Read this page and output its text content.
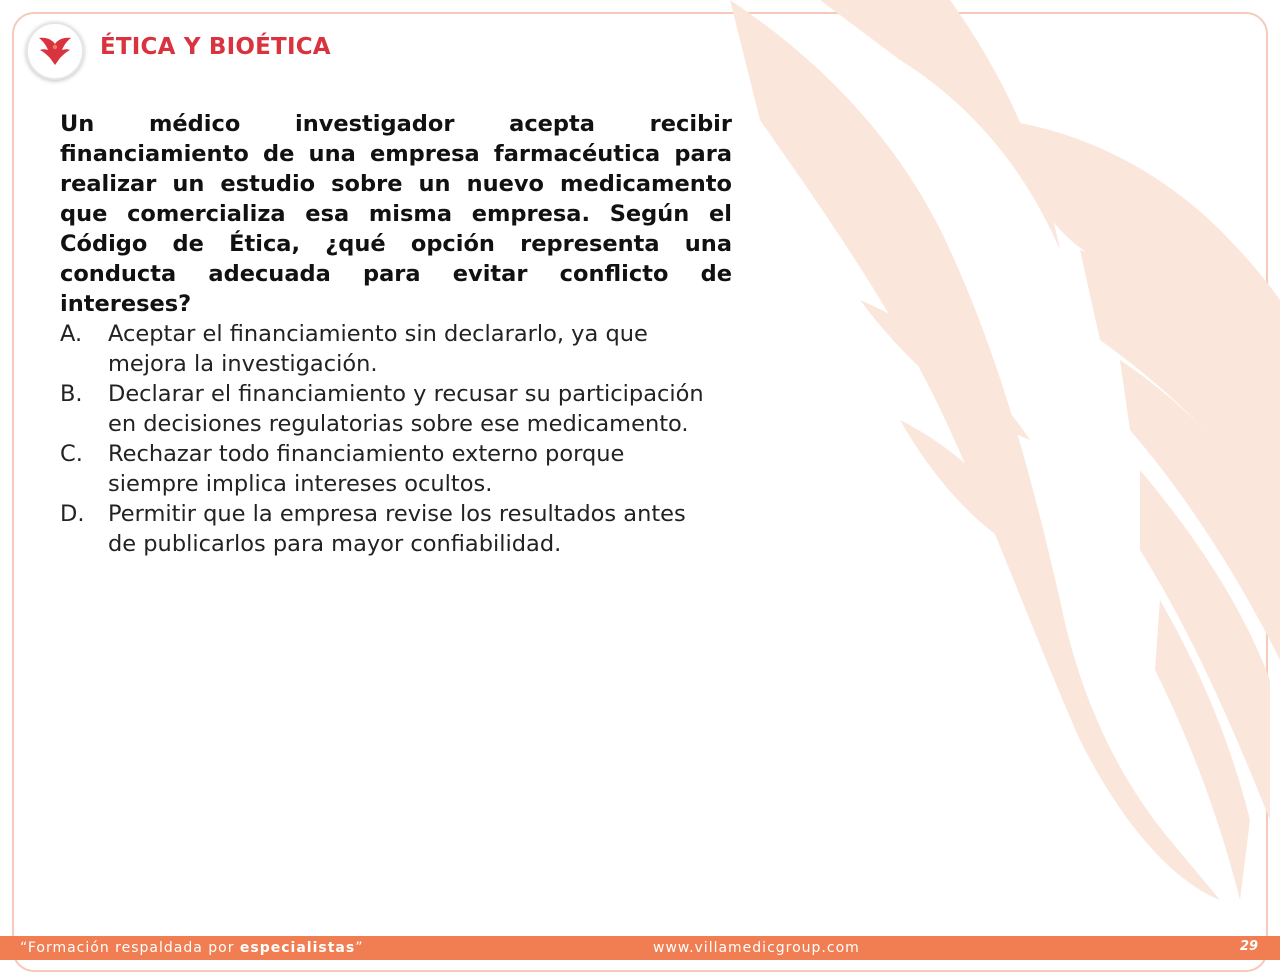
ÉTICA Y BIOÉTICA

Un médico investigador acepta recibir financiamiento de una empresa farmacéutica para realizar un estudio sobre un nuevo medicamento que comercializa esa misma empresa. Según el Código de Ética, ¿qué opción representa una conducta adecuada para evitar conflicto de intereses?

A.	Aceptar el financiamiento sin declararlo, ya que mejora la investigación.
B.	Declarar el financiamiento y recusar su participación en decisiones regulatorias sobre ese medicamento.
C.	Rechazar todo financiamiento externo porque siempre implica intereses ocultos.
D.	Permitir que la empresa revise los resultados antes de publicarlos para mayor confiabilidad.
“Formación respaldada por especialistas”	www.villamedicgroup.com	29
